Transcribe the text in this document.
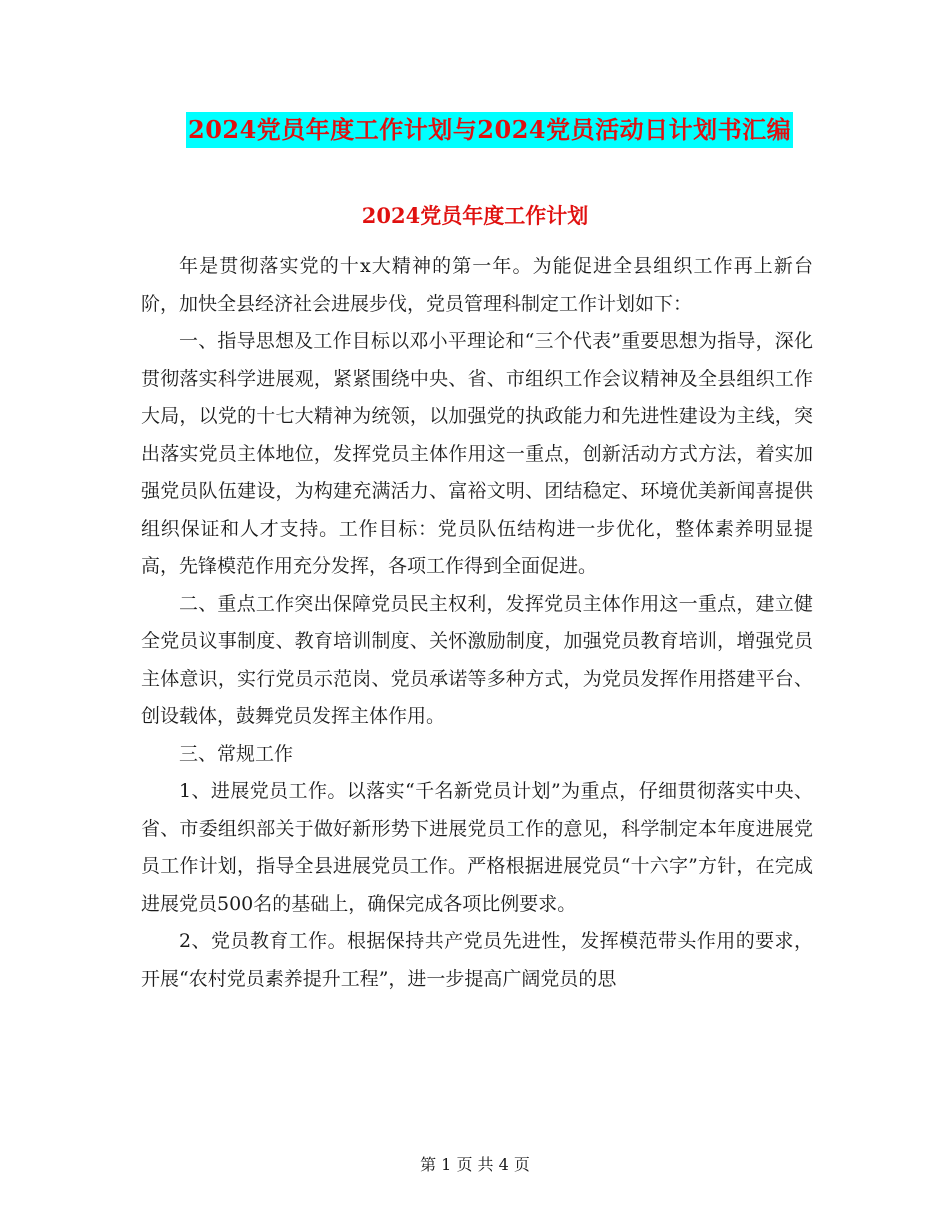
2024党员年度工作计划与2024党员活动日计划书汇编
2024党员年度工作计划

年是贯彻落实党的十x大精神的第一年。为能促进全县组织工作再上新台阶，加快全县经济社会进展步伐，党员管理科制定工作计划如下：

一、指导思想及工作目标以邓小平理论和“三个代表”重要思想为指导，深化贯彻落实科学进展观，紧紧围绕中央、省、市组织工作会议精神及全县组织工作大局，以党的十七大精神为统领，以加强党的执政能力和先进性建设为主线，突出落实党员主体地位，发挥党员主体作用这一重点，创新活动方式方法，着实加强党员队伍建设，为构建充满活力、富裕文明、团结稳定、环境优美新闻喜提供组织保证和人才支持。工作目标：党员队伍结构进一步优化，整体素养明显提高，先锋模范作用充分发挥，各项工作得到全面促进。

二、重点工作突出保障党员民主权利，发挥党员主体作用这一重点，建立健全党员议事制度、教育培训制度、关怀激励制度，加强党员教育培训，增强党员主体意识，实行党员示范岗、党员承诺等多种方式，为党员发挥作用搭建平台、创设载体，鼓舞党员发挥主体作用。

三、常规工作

1、进展党员工作。以落实“千名新党员计划”为重点，仔细贯彻落实中央、省、市委组织部关于做好新形势下进展党员工作的意见，科学制定本年度进展党员工作计划，指导全县进展党员工作。严格根据进展党员“十六字”方针，在完成进展党员500名的基础上，确保完成各项比例要求。

2、党员教育工作。根据保持共产党员先进性，发挥模范带头作用的要求，开展“农村党员素养提升工程”，进一步提高广阔党员的思

第 1 页 共 4 页
